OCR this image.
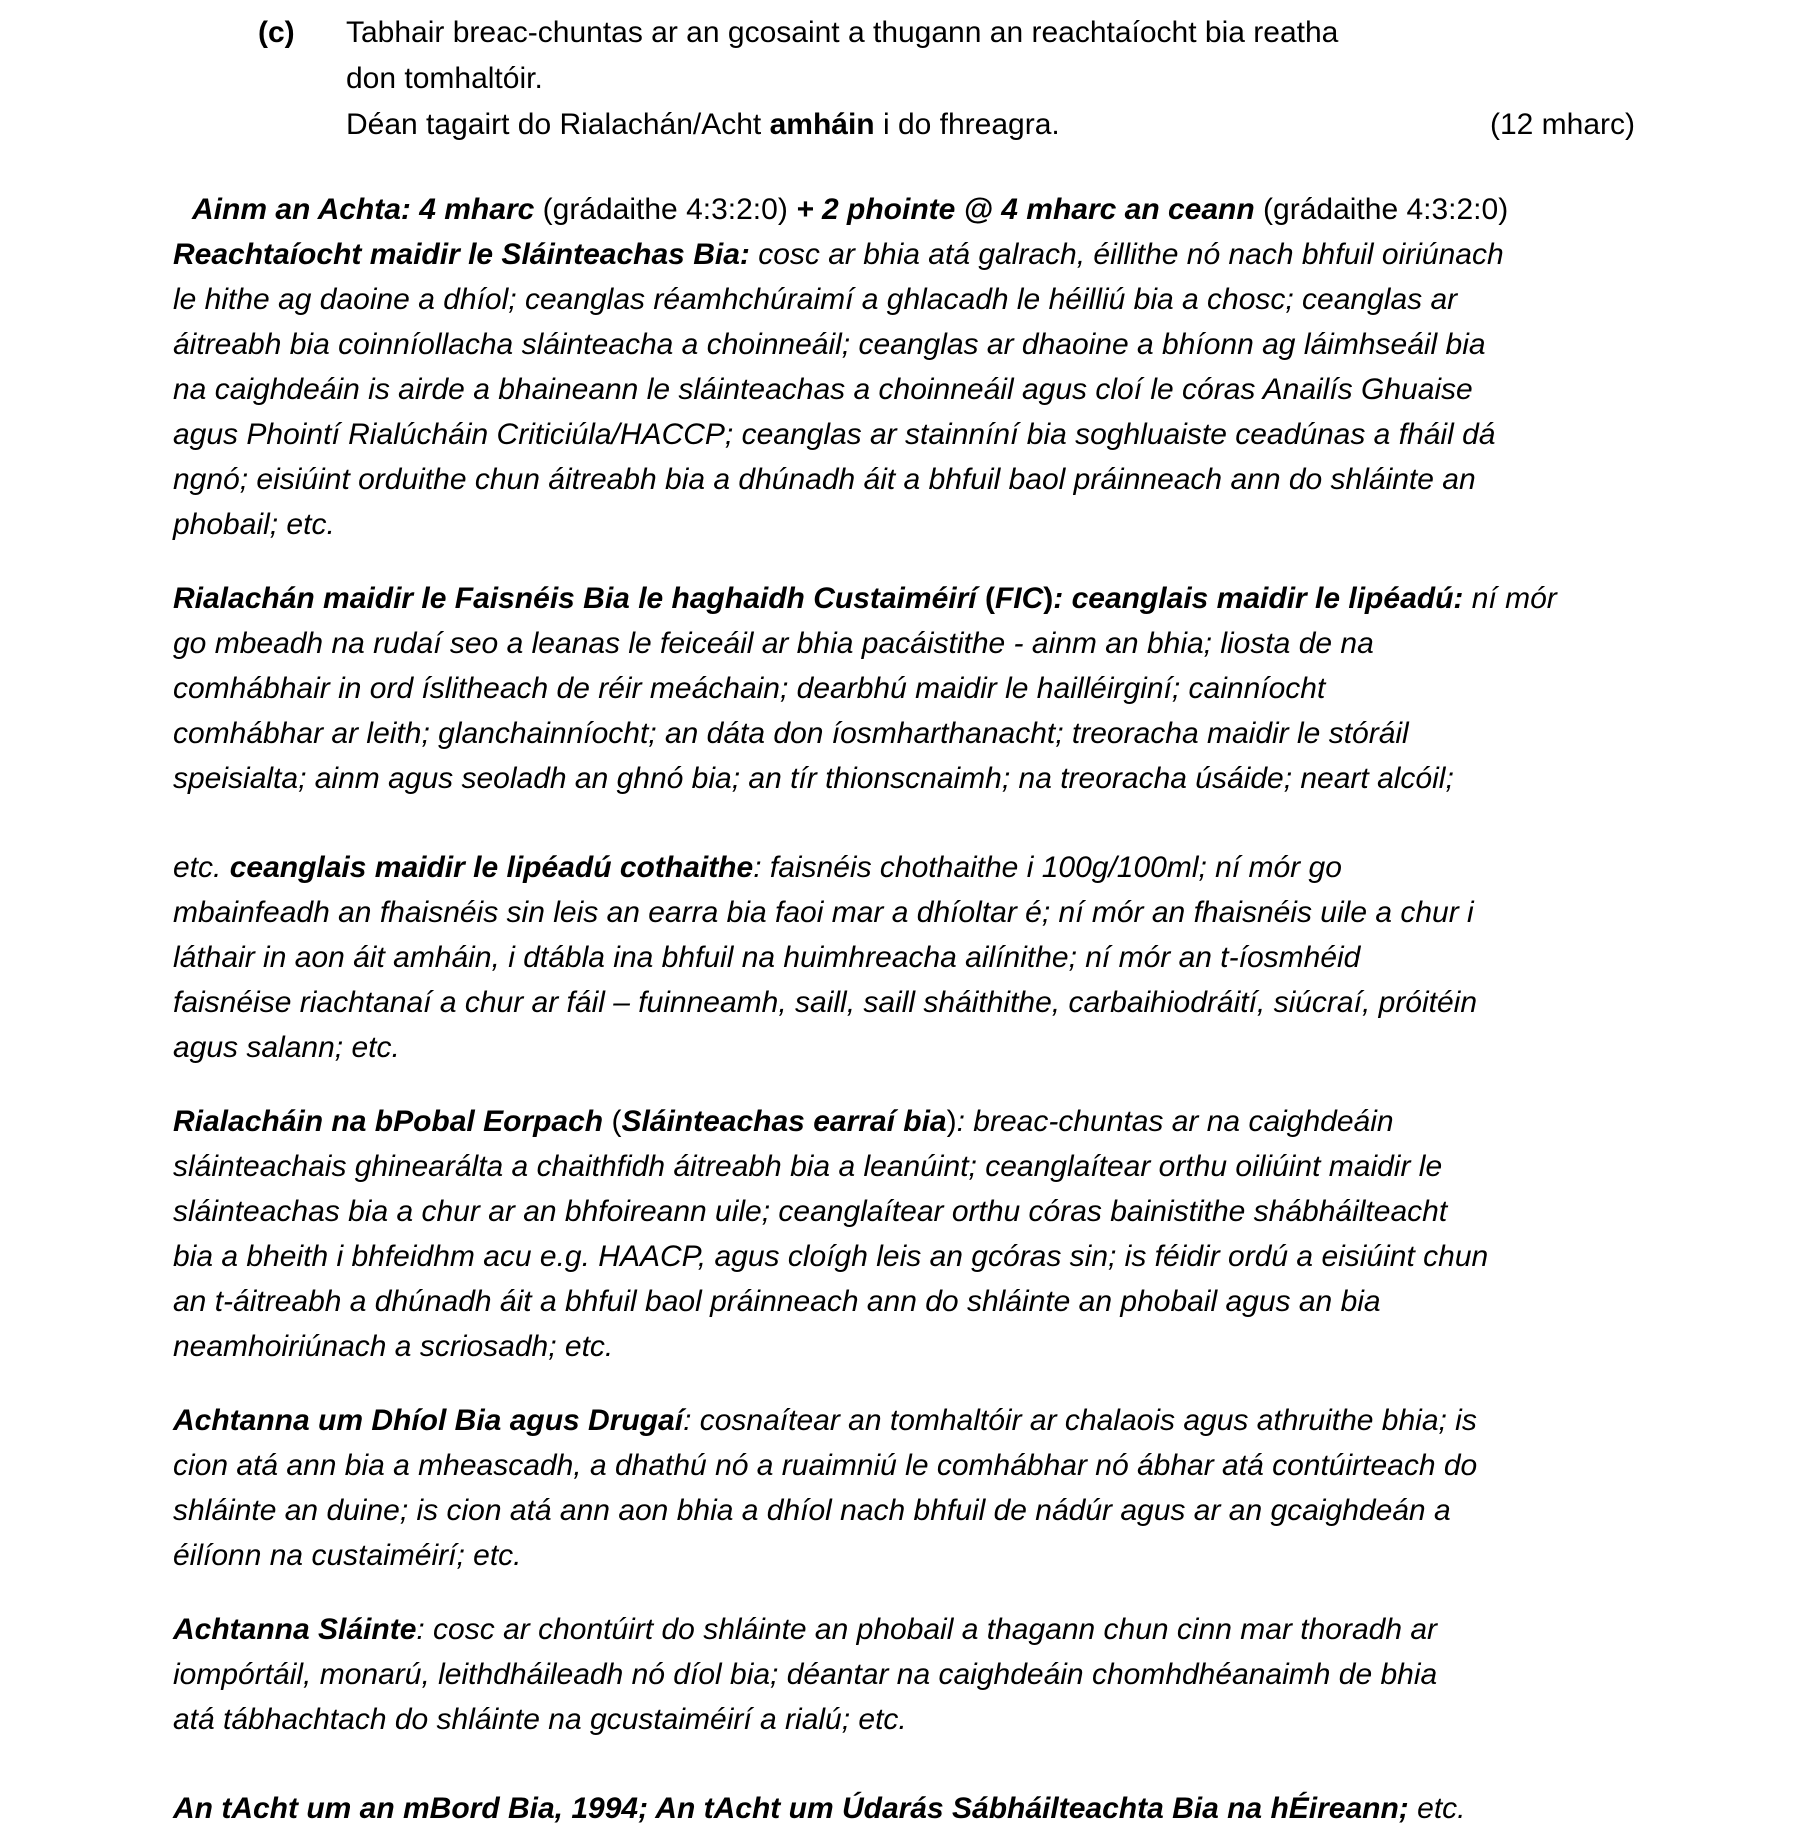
(c) Tabhair breac-chuntas ar an gcosaint a thugann an reachtaíocht bia reatha
don tomhaltóir.
Déan tagairt do Rialachán/Acht amháin i do fhreagra.	(12 mharc)
Ainm an Achta: 4 mharc (grádaithe 4:3:2:0) + 2 phointe @ 4 mharc an ceann (grádaithe 4:3:2:0)
Reachtaíocht maidir le Sláinteachas Bia: cosc ar bhia atá galrach, éillithe nó nach bhfuil oiriúnach
le hithe ag daoine a dhíol; ceanglas réamhchúraimí a ghlacadh le héilliú bia a chosc; ceanglas ar
áitreabh bia coinníollacha sláinteacha a choinneáil; ceanglas ar dhaoine a bhíonn ag láimhseáil bia
na caighdeáin is airde a bhaineann le sláinteachas a choinneáil agus cloí le córas Anailís Ghuaise
agus Phointí Rialúcháin Criticiúla/HACCP; ceanglas ar stainníní bia soghluaiste ceadúnas a fháil dá
ngnó; eisiúint orduithe chun áitreabh bia a dhúnadh áit a bhfuil baol práinneach ann do shláinte an
phobail; etc.
Rialachán maidir le Faisnéis Bia le haghaidh Custaiméirí (FIC): ceanglais maidir le lipéadú: ní mór
go mbeadh na rudaí seo a leanas le feiceáil ar bhia pacáistithe - ainm an bhia; liosta de na
comhábhair in ord íslitheach de réir meáchain; dearbhú maidir le hailléirginí; cainníocht
comhábhar ar leith; glanchainníocht; an dáta don íosmharthanacht; treoracha maidir le stóráil
speisialta; ainm agus seoladh an ghnó bia; an tír thionscnaimh; na treoracha úsáide; neart alcóil;
etc. ceanglais maidir le lipéadú cothaithe: faisnéis chothaithe i 100g/100ml; ní mór go
mbainfeadh an fhaisnéis sin leis an earra bia faoi mar a dhíoltar é; ní mór an fhaisnéis uile a chur i
láthair in aon áit amháin, i dtábla ina bhfuil na huimhreacha ailínithe; ní mór an t-íosmhéid
faisnéise riachtanaí a chur ar fáil – fuinneamh, saill, saill sháithithe, carbaihiodráití, siúcraí, próitéin
agus salann; etc.
Rialacháin na bPobal Eorpach (Sláinteachas earraí bia): breac-chuntas ar na caighdeáin
sláinteachais ghinearálta a chaithfidh áitreabh bia a leanúint; ceanglaítear orthu oiliúint maidir le
sláinteachas bia a chur ar an bhfoireann uile; ceanglaítear orthu córas bainistithe shábháilteacht
bia a bheith i bhfeidhm acu e.g. HAACP, agus cloígh leis an gcóras sin; is féidir ordú a eisiúint chun
an t-áitreabh a dhúnadh áit a bhfuil baol práinneach ann do shláinte an phobail agus an bia
neamhoiriúnach a scriosadh; etc.
Achtanna um Dhíol Bia agus Drugaí: cosnaítear an tomhaltóir ar chalaois agus athruithe bhia; is
cion atá ann bia a mheascadh, a dhathú nó a ruaimniú le comhábhar nó ábhar atá contúirteach do
shláinte an duine; is cion atá ann aon bhia a dhíol nach bhfuil de nádúr agus ar an gcaighdeán a
éilíonn na custaiméirí; etc.
Achtanna Sláinte: cosc ar chontúirt do shláinte an phobail a thagann chun cinn mar thoradh ar
iompórtáil, monarú, leithdháileadh nó díol bia; déantar na caighdeáin chomhdhéanaimh de bhia
atá tábhachtach do shláinte na gcustaiméirí a rialú; etc.
An tAcht um an mBord Bia, 1994; An tAcht um Údarás Sábháilteachta Bia na hÉireann; etc.
